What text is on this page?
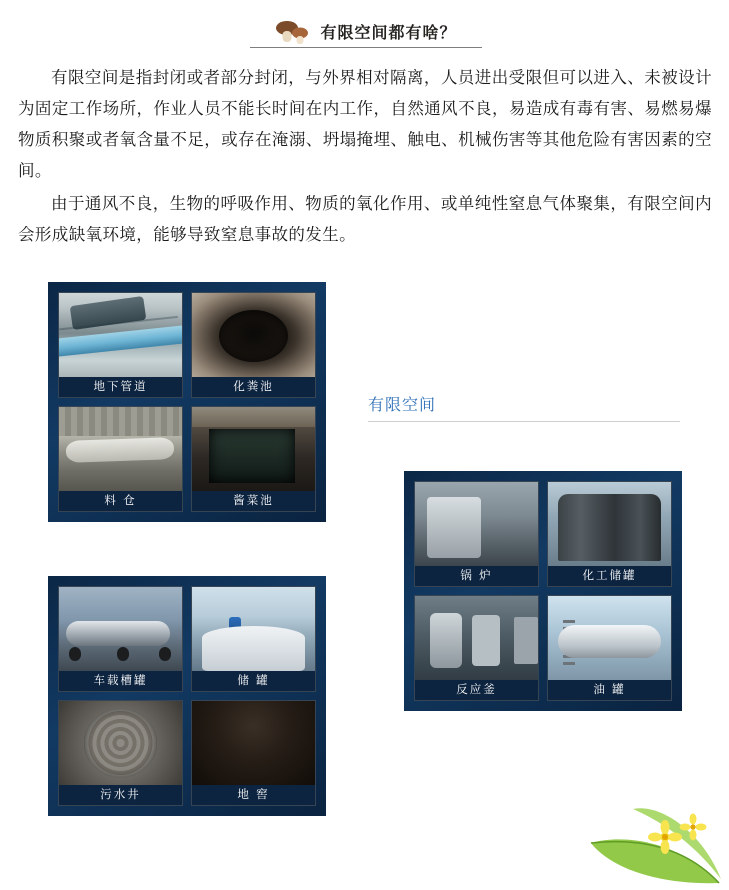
有限空间都有啥？

有限空间是指封闭或者部分封闭，与外界相对隔离，人员进出受限但可以进入、未被设计为固定工作场所，作业人员不能长时间在内工作，自然通风不良，易造成有毒有害、易燃易爆物质积聚或者氧含量不足，或存在淹溺、坍塌掩埋、触电、机械伤害等其他危险有害因素的空间。

由于通风不良，生物的呼吸作用、物质的氧化作用、或单纯性窒息气体聚集，有限空间内会形成缺氧环境，能够导致窒息事故的发生。

有限空间
地下管道	化粪池
料 仓	酱菜池
车载槽罐	储 罐
污水井	地 窖
锅 炉	化工储罐
反应釜	油 罐
